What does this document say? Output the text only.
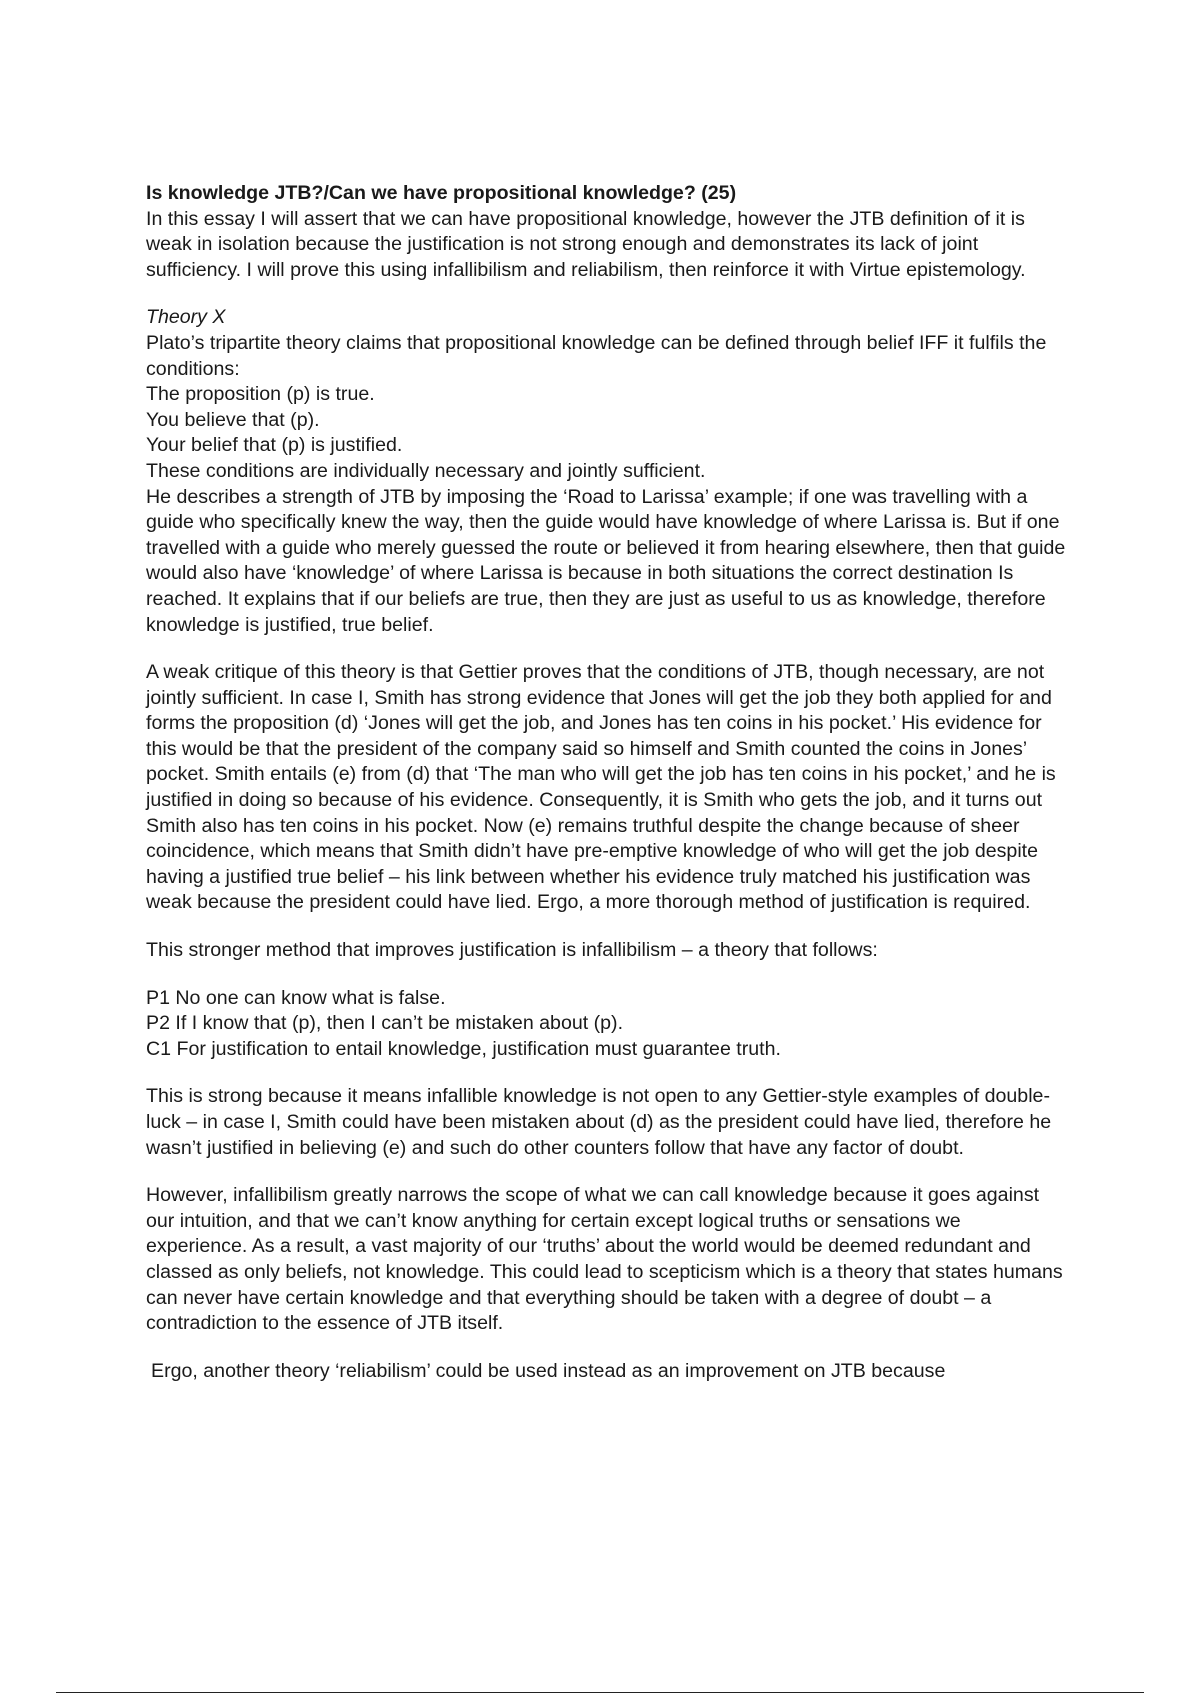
Is knowledge JTB?/Can we have propositional knowledge? (25)

In this essay I will assert that we can have propositional knowledge, however the JTB definition of it is weak in isolation because the justification is not strong enough and demonstrates its lack of joint sufficiency. I will prove this using infallibilism and reliabilism, then reinforce it with Virtue epistemology.

Theory X

Plato’s tripartite theory claims that propositional knowledge can be defined through belief IFF it fulfils the conditions:

The proposition (p) is true.

You believe that (p).

Your belief that (p) is justified.

These conditions are individually necessary and jointly sufficient.

He describes a strength of JTB by imposing the ‘Road to Larissa’ example; if one was travelling with a guide who specifically knew the way, then the guide would have knowledge of where Larissa is. But if one travelled with a guide who merely guessed the route or believed it from hearing elsewhere, then that guide would also have ‘knowledge’ of where Larissa is because in both situations the correct destination Is reached. It explains that if our beliefs are true, then they are just as useful to us as knowledge, therefore knowledge is justified, true belief.

A weak critique of this theory is that Gettier proves that the conditions of JTB, though necessary, are not jointly sufficient. In case I, Smith has strong evidence that Jones will get the job they both applied for and forms the proposition (d) ‘Jones will get the job, and Jones has ten coins in his pocket.’ His evidence for this would be that the president of the company said so himself and Smith counted the coins in Jones’ pocket. Smith entails (e) from (d) that ‘The man who will get the job has ten coins in his pocket,’ and he is justified in doing so because of his evidence. Consequently, it is Smith who gets the job, and it turns out Smith also has ten coins in his pocket. Now (e) remains truthful despite the change because of sheer coincidence, which means that Smith didn’t have pre-emptive knowledge of who will get the job despite having a justified true belief – his link between whether his evidence truly matched his justification was weak because the president could have lied. Ergo, a more thorough method of justification is required.

This stronger method that improves justification is infallibilism – a theory that follows:

P1 No one can know what is false.

P2 If I know that (p), then I can’t be mistaken about (p).

C1 For justification to entail knowledge, justification must guarantee truth.

This is strong because it means infallible knowledge is not open to any Gettier-style examples of double-luck – in case I, Smith could have been mistaken about (d) as the president could have lied, therefore he wasn’t justified in believing (e) and such do other counters follow that have any factor of doubt.

However, infallibilism greatly narrows the scope of what we can call knowledge because it goes against our intuition, and that we can’t know anything for certain except logical truths or sensations we experience. As a result, a vast majority of our ‘truths’ about the world would be deemed redundant and classed as only beliefs, not knowledge. This could lead to scepticism which is a theory that states humans can never have certain knowledge and that everything should be taken with a degree of doubt – a contradiction to the essence of JTB itself.

Ergo, another theory ‘reliabilism’ could be used instead as an improvement on JTB because
